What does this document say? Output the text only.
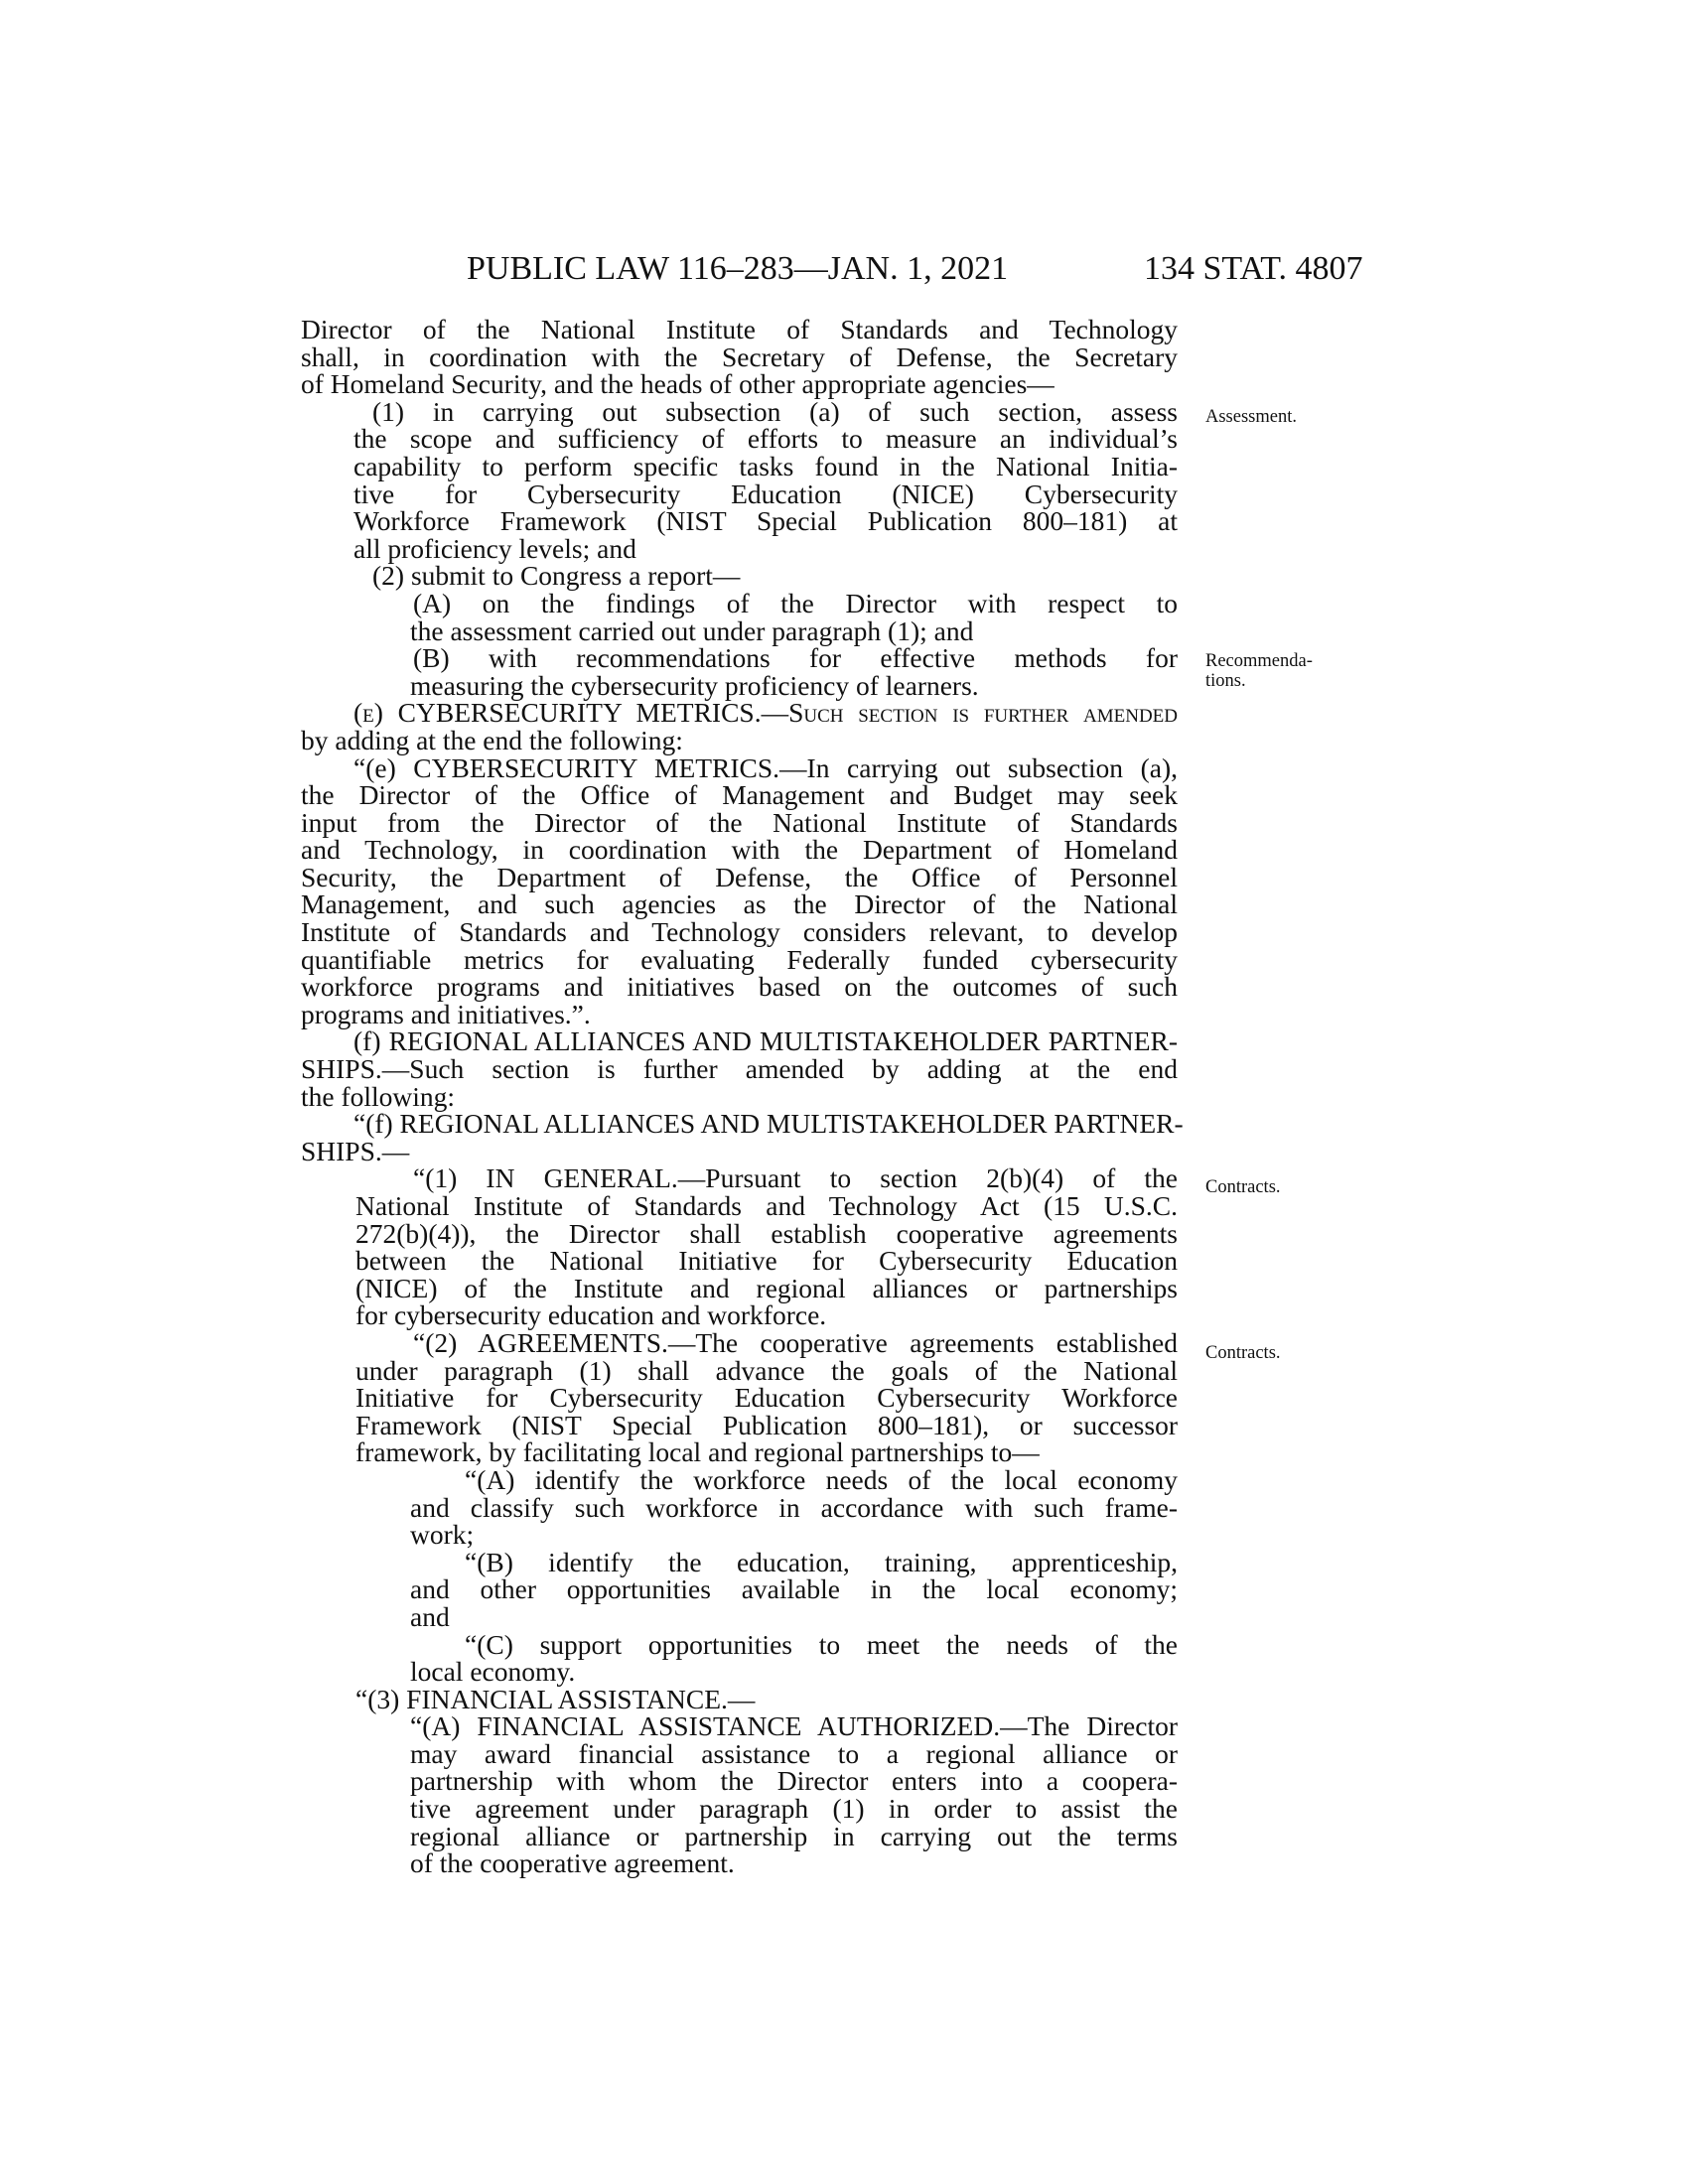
PUBLIC LAW 116–283—JAN. 1, 2021	134 STAT. 4807
Assessment.
Recommenda-
tions.
Contracts.
Contracts.
Director of the National Institute of Standards and Technology
shall, in coordination with the Secretary of Defense, the Secretary
of Homeland Security, and the heads of other appropriate agencies—
(1) in carrying out subsection (a) of such section, assess
the scope and sufficiency of efforts to measure an individual’s
capability to perform specific tasks found in the National Initia-
tive for Cybersecurity Education (NICE) Cybersecurity
Workforce Framework (NIST Special Publication 800–181) at
all proficiency levels; and
(2) submit to Congress a report—
(A) on the findings of the Director with respect to
the assessment carried out under paragraph (1); and
(B) with recommendations for effective methods for
measuring the cybersecurity proficiency of learners.
(e) CYBERSECURITY METRICS.—Such section is further amended
by adding at the end the following:
“(e) CYBERSECURITY METRICS.—In carrying out subsection (a),
the Director of the Office of Management and Budget may seek
input from the Director of the National Institute of Standards
and Technology, in coordination with the Department of Homeland
Security, the Department of Defense, the Office of Personnel
Management, and such agencies as the Director of the National
Institute of Standards and Technology considers relevant, to develop
quantifiable metrics for evaluating Federally funded cybersecurity
workforce programs and initiatives based on the outcomes of such
programs and initiatives.”.
(f) REGIONAL ALLIANCES AND MULTISTAKEHOLDER PARTNER-
SHIPS.—Such section is further amended by adding at the end
the following:
“(f) REGIONAL ALLIANCES AND MULTISTAKEHOLDER PARTNER-
SHIPS.—
“(1) IN GENERAL.—Pursuant to section 2(b)(4) of the
National Institute of Standards and Technology Act (15 U.S.C.
272(b)(4)), the Director shall establish cooperative agreements
between the National Initiative for Cybersecurity Education
(NICE) of the Institute and regional alliances or partnerships
for cybersecurity education and workforce.
“(2) AGREEMENTS.—The cooperative agreements established
under paragraph (1) shall advance the goals of the National
Initiative for Cybersecurity Education Cybersecurity Workforce
Framework (NIST Special Publication 800–181), or successor
framework, by facilitating local and regional partnerships to—
“(A) identify the workforce needs of the local economy
and classify such workforce in accordance with such frame-
work;
“(B) identify the education, training, apprenticeship,
and other opportunities available in the local economy;
and
“(C) support opportunities to meet the needs of the
local economy.
“(3) FINANCIAL ASSISTANCE.—
“(A) FINANCIAL ASSISTANCE AUTHORIZED.—The Director
may award financial assistance to a regional alliance or
partnership with whom the Director enters into a coopera-
tive agreement under paragraph (1) in order to assist the
regional alliance or partnership in carrying out the terms
of the cooperative agreement.
